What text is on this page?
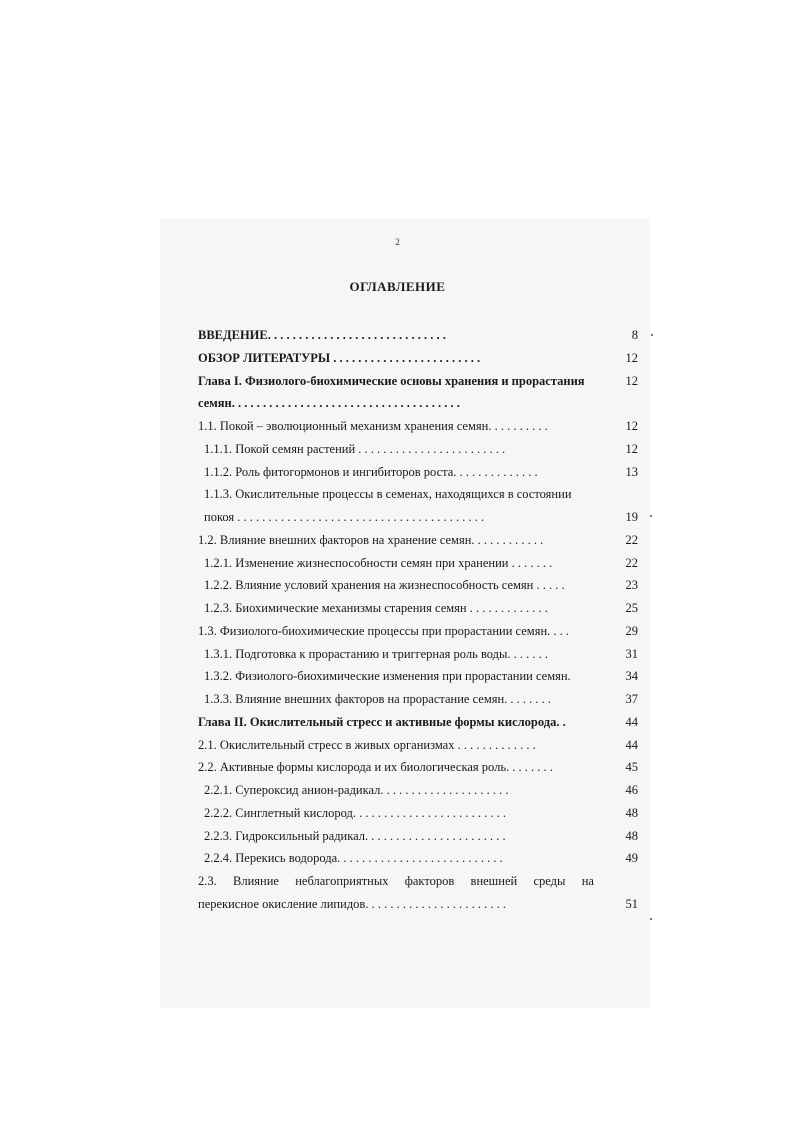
2
ОГЛАВЛЕНИЕ
ВВЕДЕНИЕ. . . . . . . . . . . . . . . . . . . . . . . . . . . . .	8
ОБЗОР ЛИТЕРАТУРЫ . . . . . . . . . . . . . . . . . . . . . . . .	12
Глава I. Физиолого-биохимические основы хранения и прорастания	12
семян. . . . . . . . . . . . . . . . . . . . . . . . . . . . . . . . . . . . .
1.1. Покой – эволюционный механизм хранения семян. . . . . . . . . .	12
1.1.1. Покой семян растений . . . . . . . . . . . . . . . . . . . . . . . .	12
1.1.2. Роль фитогормонов и ингибиторов роста. . . . . . . . . . . . . .	13
1.1.3. Окислительные процессы в семенах, находящихся в состоянии
покоя . . . . . . . . . . . . . . . . . . . . . . . . . . . . . . . . . . . . . . . .	19
1.2. Влияние внешних факторов на хранение семян. . . . . . . . . . . .	22
1.2.1. Изменение жизнеспособности семян при хранении . . . . . . .	22
1.2.2. Влияние условий хранения на жизнеспособность семян . . . . .	23
1.2.3. Биохимические механизмы старения семян . . . . . . . . . . . . .	25
1.3. Физиолого-биохимические процессы при прорастании семян. . . .	29
1.3.1. Подготовка к прорастанию и триггерная роль воды. . . . . . .	31
1.3.2. Физиолого-биохимические изменения при прорастании семян.	34
1.3.3. Влияние внешних факторов на прорастание семян. . . . . . . .	37
Глава II. Окислительный стресс и активные формы кислорода. .	44
2.1. Окислительный стресс в живых организмах . . . . . . . . . . . . .	44
2.2. Активные формы кислорода и их биологическая роль. . . . . . . .	45
2.2.1. Супероксид анион-радикал. . . . . . . . . . . . . . . . . . . . .	46
2.2.2. Синглетный кислород. . . . . . . . . . . . . . . . . . . . . . . . .	48
2.2.3. Гидроксильный радикал. . . . . . . . . . . . . . . . . . . . . . .	48
2.2.4. Перекись водорода. . . . . . . . . . . . . . . . . . . . . . . . . . .	49
2.3. Влияние неблагоприятных факторов внешней среды на
перекисное окисление липидов. . . . . . . . . . . . . . . . . . . . . . .	51
